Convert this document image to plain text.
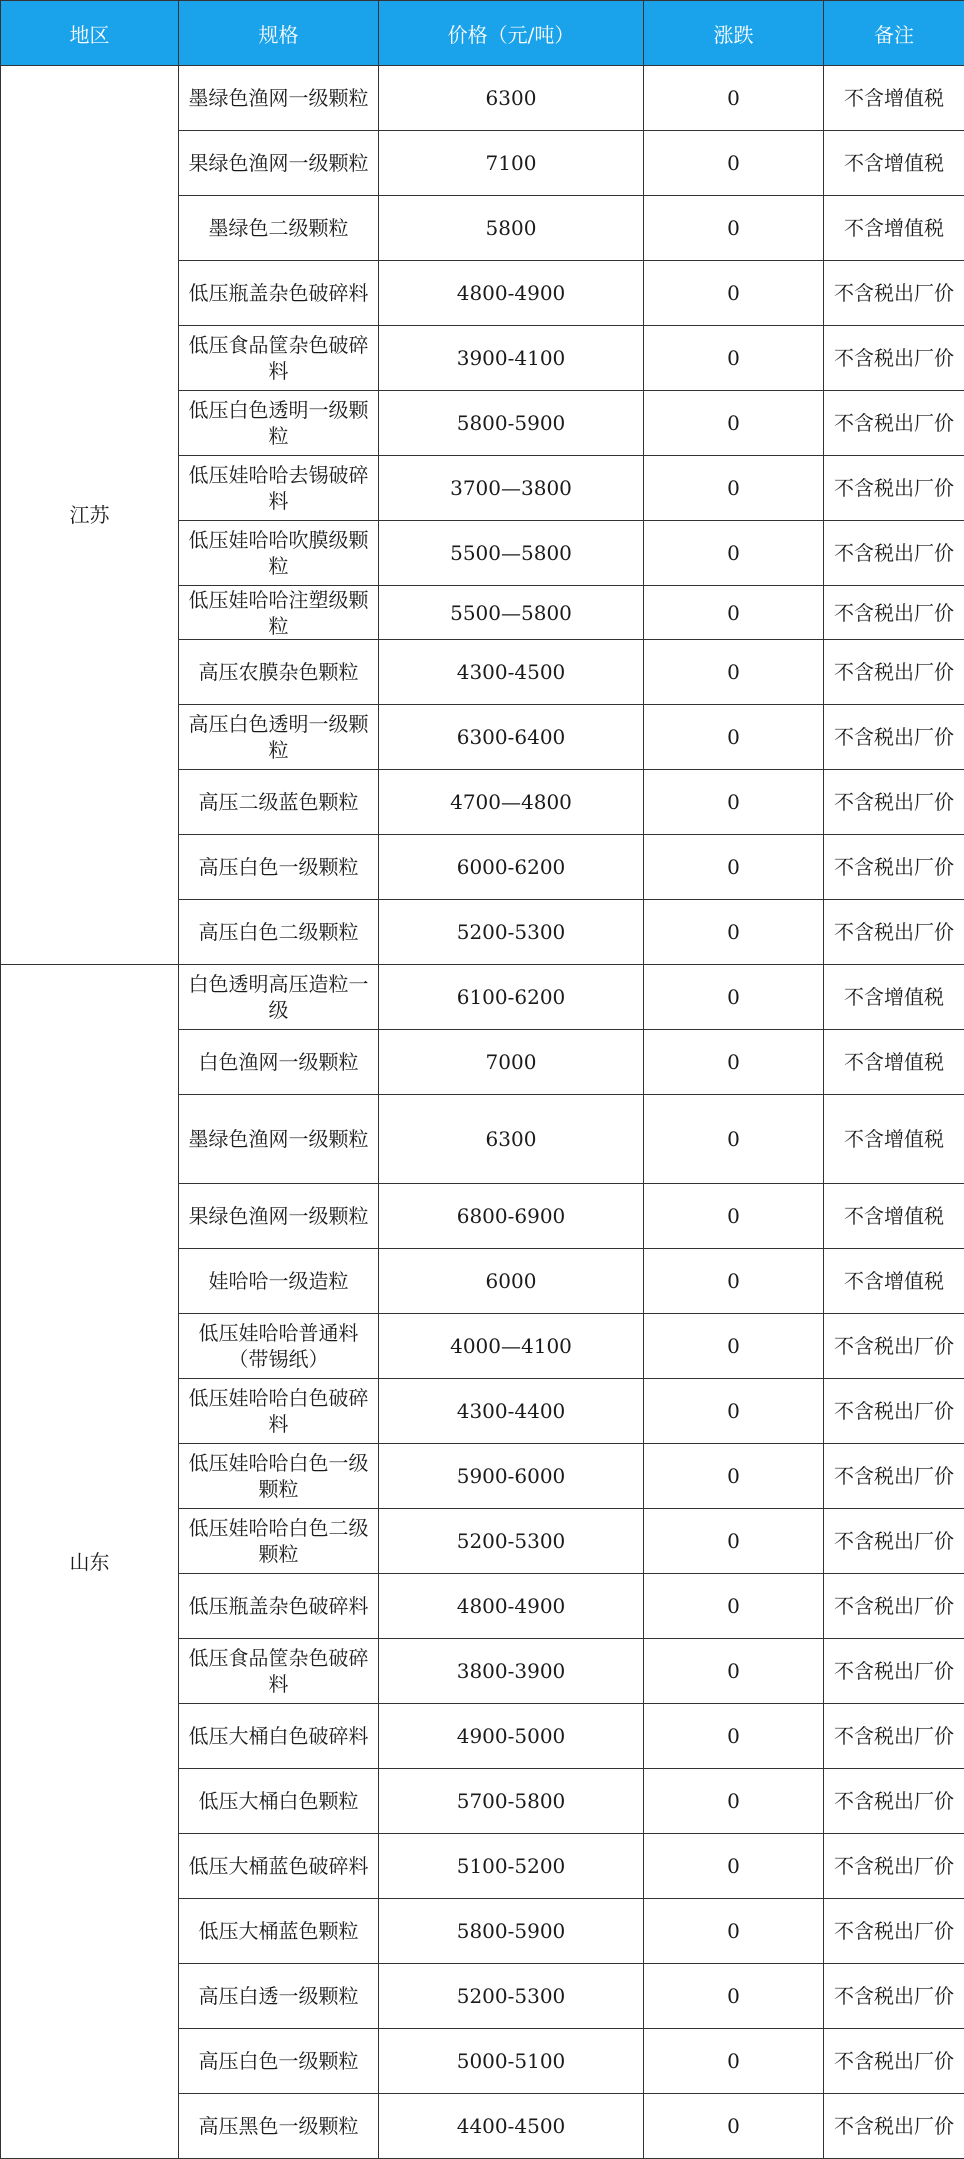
地区	规格	价格（元/吨）	涨跌	备注
江苏	墨绿色渔网一级颗粒	6300	0	不含增值税
	果绿色渔网一级颗粒	7100	0	不含增值税
	墨绿色二级颗粒	5800	0	不含增值税
	低压瓶盖杂色破碎料	4800-4900	0	不含税出厂价
	低压食品筐杂色破碎料	3900-4100	0	不含税出厂价
	低压白色透明一级颗粒	5800-5900	0	不含税出厂价
	低压娃哈哈去锡破碎料	3700—3800	0	不含税出厂价
	低压娃哈哈吹膜级颗粒	5500—5800	0	不含税出厂价
	低压娃哈哈注塑级颗粒	5500—5800	0	不含税出厂价
	高压农膜杂色颗粒	4300-4500	0	不含税出厂价
	高压白色透明一级颗粒	6300-6400	0	不含税出厂价
	高压二级蓝色颗粒	4700—4800	0	不含税出厂价
	高压白色一级颗粒	6000-6200	0	不含税出厂价
	高压白色二级颗粒	5200-5300	0	不含税出厂价
山东	白色透明高压造粒一级	6100-6200	0	不含增值税
	白色渔网一级颗粒	7000	0	不含增值税
	墨绿色渔网一级颗粒	6300	0	不含增值税
	果绿色渔网一级颗粒	6800-6900	0	不含增值税
	娃哈哈一级造粒	6000	0	不含增值税
	低压娃哈哈普通料（带锡纸）	4000—4100	0	不含税出厂价
	低压娃哈哈白色破碎料	4300-4400	0	不含税出厂价
	低压娃哈哈白色一级颗粒	5900-6000	0	不含税出厂价
	低压娃哈哈白色二级颗粒	5200-5300	0	不含税出厂价
	低压瓶盖杂色破碎料	4800-4900	0	不含税出厂价
	低压食品筐杂色破碎料	3800-3900	0	不含税出厂价
	低压大桶白色破碎料	4900-5000	0	不含税出厂价
	低压大桶白色颗粒	5700-5800	0	不含税出厂价
	低压大桶蓝色破碎料	5100-5200	0	不含税出厂价
	低压大桶蓝色颗粒	5800-5900	0	不含税出厂价
	高压白透一级颗粒	5200-5300	0	不含税出厂价
	高压白色一级颗粒	5000-5100	0	不含税出厂价
	高压黑色一级颗粒	4400-4500	0	不含税出厂价
